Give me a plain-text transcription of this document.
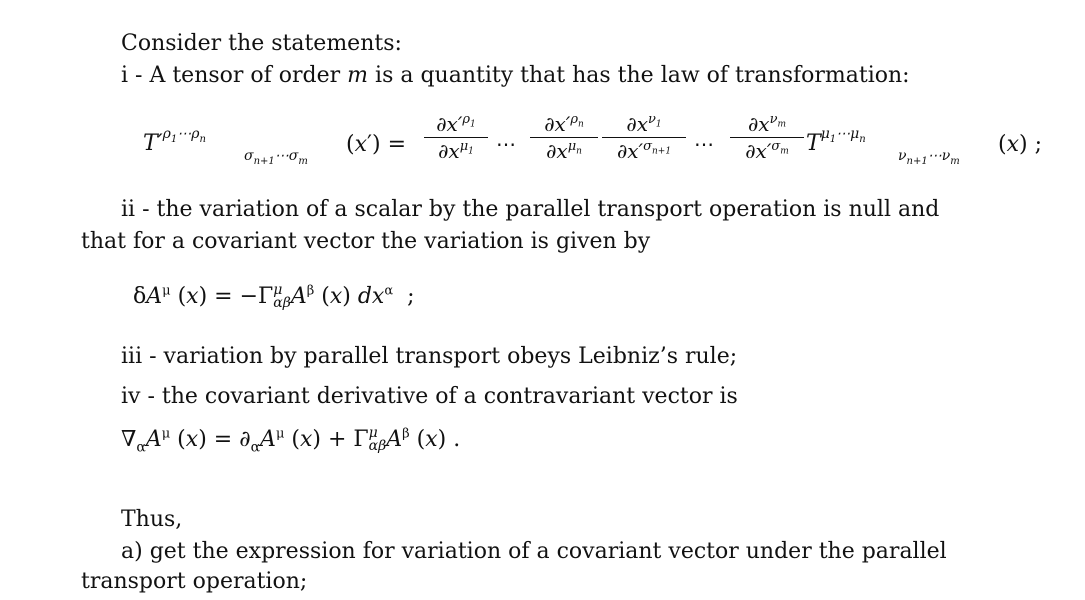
Consider the statements:
i - A tensor of order m is a quantity that has the law of transformation:
$T'^{\rho_1\cdots\rho_n}$
$\sigma_{n+1}\cdots\sigma_m$
(x′) =
$\partial x'^{\rho_1}$
$\partial x^{\mu_1}$	⋯
$\partial x'^{\rho_n}$
$\partial x^{\mu_n}$
$\partial x^{\nu_1}$
$\partial x'^{\sigma_{n+1}}$	⋯
$\partial x^{\nu_m}$
$\partial x'^{\sigma_m}$ $T^{\mu_1\cdots\mu_n}$
$\nu_{n+1}\cdots\nu_m$
(x) ;
ii - the variation of a scalar by the parallel transport operation is null and
that for a covariant vector the variation is given by
$\delta A^\mu$ (x) = −Γμ
αβA$^\beta$ (x) $dx^\alpha$  ;
iii - variation by parallel transport obeys Leibniz’s rule;
iv - the covariant derivative of a contravariant vector is
$\nabla_\alpha A^\mu$ $(x) = \partial_\alpha A^\mu$ (x) + Γμ
αβA$^\beta$ (x) .
Thus,
a) get the expression for variation of a covariant vector under the parallel
transport operation;
